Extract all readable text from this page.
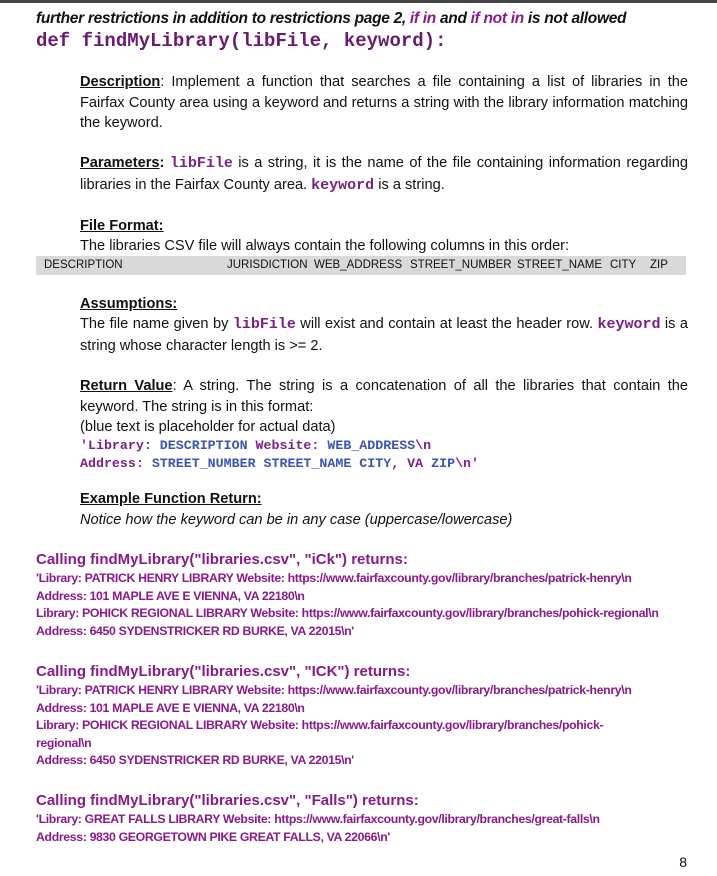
further restrictions in addition to restrictions page 2, if in and if not in is not allowed
def findMyLibrary(libFile, keyword):
Description: Implement a function that searches a file containing a list of libraries in the Fairfax County area using a keyword and returns a string with the library information matching the keyword.
Parameters: libFile is a string, it is the name of the file containing information regarding libraries in the Fairfax County area. keyword is a string.
File Format:
The libraries CSV file will always contain the following columns in this order:
DESCRIPTION	JURISDICTION WEB_ADDRESS STREET_NUMBER STREET_NAME CITY ZIP
Assumptions:
The file name given by libFile will exist and contain at least the header row. keyword is a string whose character length is >= 2.
Return Value: A string. The string is a concatenation of all the libraries that contain the keyword. The string is in this format:
(blue text is placeholder for actual data)
'Library: DESCRIPTION Website: WEB_ADDRESS\n
Address: STREET_NUMBER STREET_NAME CITY, VA ZIP\n'
Example Function Return:
Notice how the keyword can be in any case (uppercase/lowercase)
Calling findMyLibrary("libraries.csv", "iCk") returns:
'Library: PATRICK HENRY LIBRARY Website: https://www.fairfaxcounty.gov/library/branches/patrick-henry\n
Address: 101 MAPLE AVE E VIENNA, VA 22180\n
Library: POHICK REGIONAL LIBRARY Website: https://www.fairfaxcounty.gov/library/branches/pohick-regional\n
Address: 6450 SYDENSTRICKER RD BURKE, VA 22015\n'
Calling findMyLibrary("libraries.csv", "ICK") returns:
'Library: PATRICK HENRY LIBRARY Website: https://www.fairfaxcounty.gov/library/branches/patrick-henry\n
Address: 101 MAPLE AVE E VIENNA, VA 22180\n
Library: POHICK REGIONAL LIBRARY Website: https://www.fairfaxcounty.gov/library/branches/pohick-
regional\n
Address: 6450 SYDENSTRICKER RD BURKE, VA 22015\n'
Calling findMyLibrary("libraries.csv", "Falls") returns:
'Library: GREAT FALLS LIBRARY Website: https://www.fairfaxcounty.gov/library/branches/great-falls\n
Address: 9830 GEORGETOWN PIKE GREAT FALLS, VA 22066\n'
8
